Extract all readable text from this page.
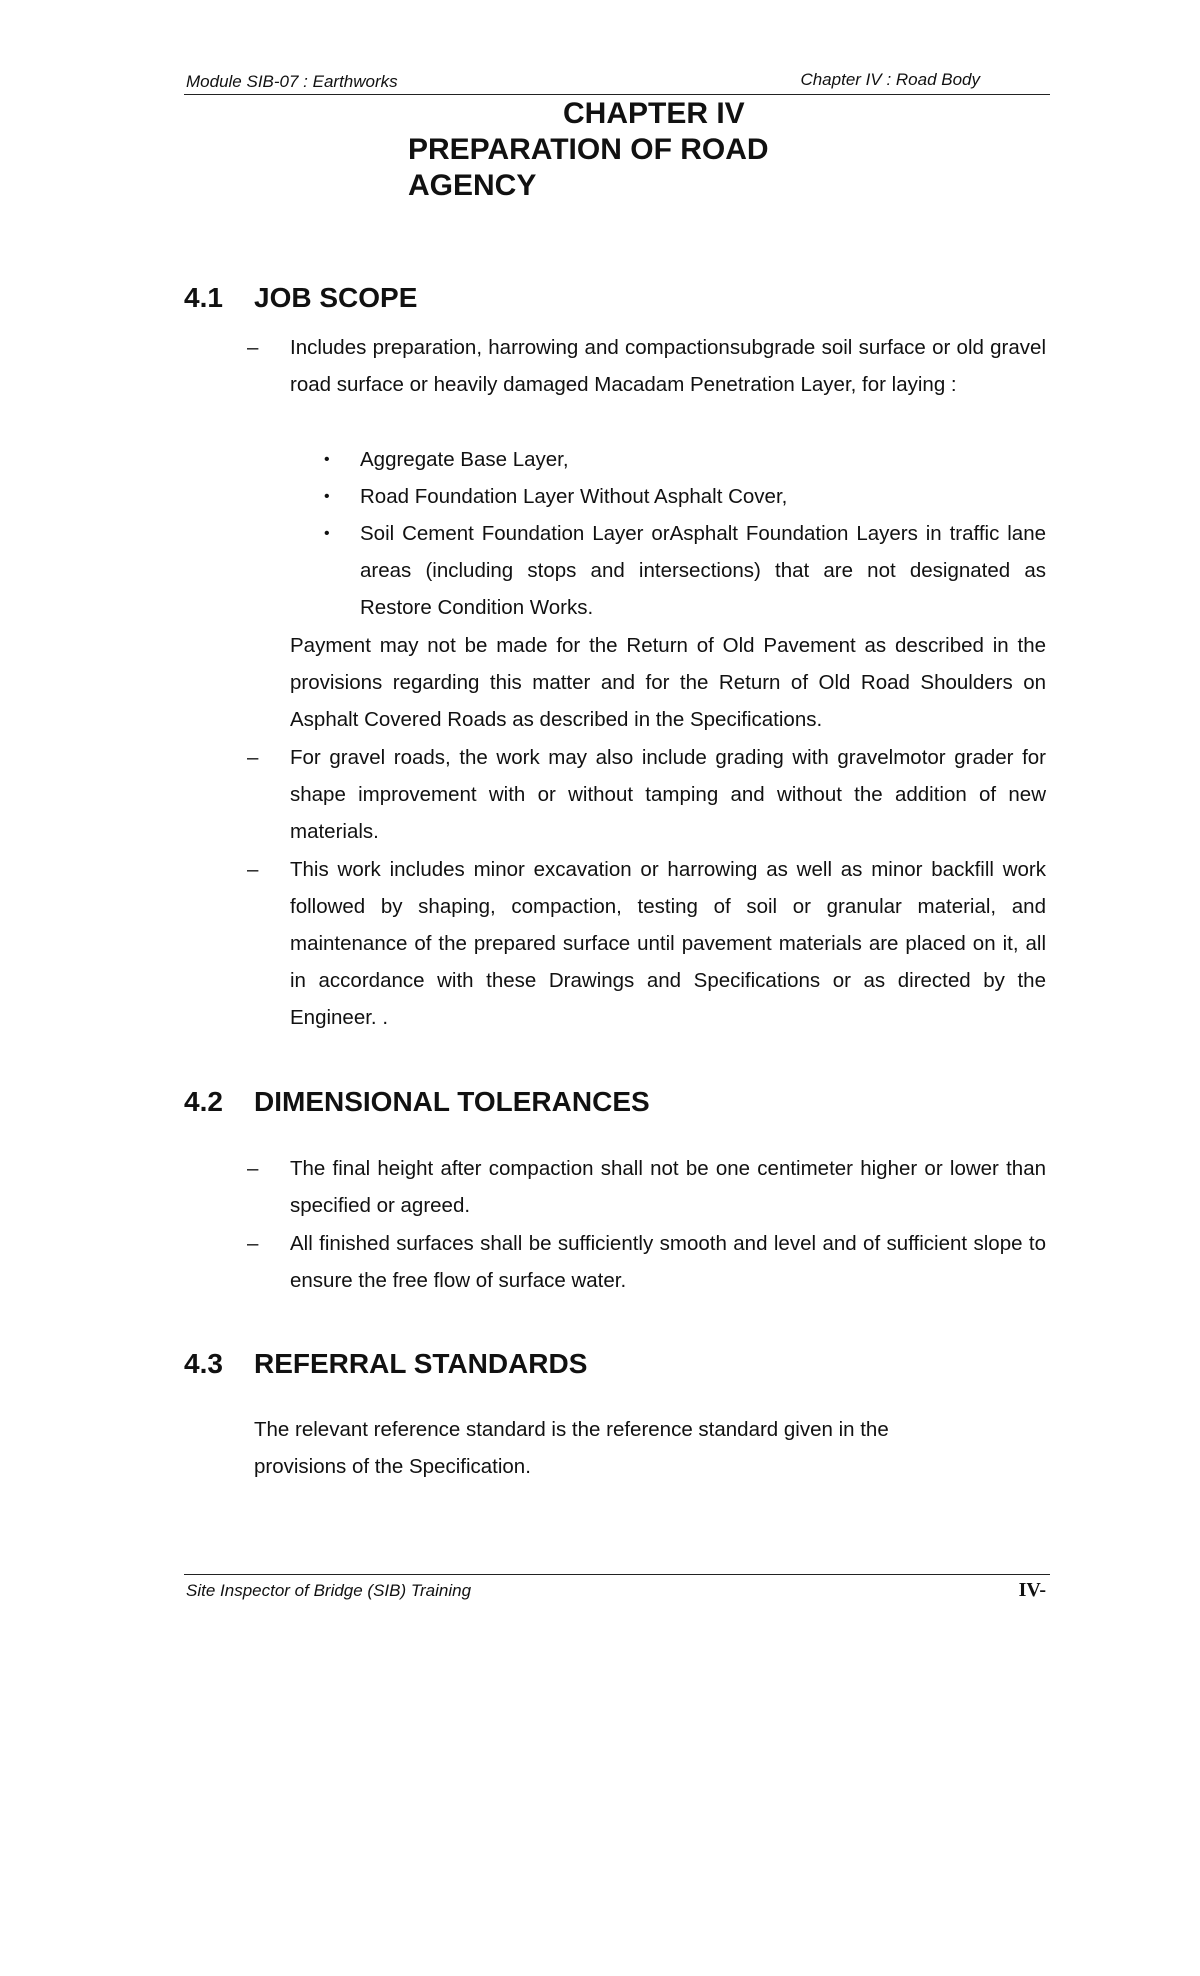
Module SIB-07 : Earthworks	Chapter IV : Road Body
CHAPTER IV
PREPARATION OF ROAD
AGENCY
4.1 JOB SCOPE
– Includes preparation, harrowing and compactionsubgrade soil surface or old gravel road surface or heavily damaged Macadam Penetration Layer, for laying :
• Aggregate Base Layer,
• Road Foundation Layer Without Asphalt Cover,
• Soil Cement Foundation Layer orAsphalt Foundation Layers in traffic lane areas (including stops and intersections) that are not designated as Restore Condition Works.
Payment may not be made for the Return of Old Pavement as described in the provisions regarding this matter and for the Return of Old Road Shoulders on Asphalt Covered Roads as described in the Specifications.
– For gravel roads, the work may also include grading with gravelmotor grader for shape improvement with or without tamping and without the addition of new materials.
– This work includes minor excavation or harrowing as well as minor backfill work followed by shaping, compaction, testing of soil or granular material, and maintenance of the prepared surface until pavement materials are placed on it, all in accordance with these Drawings and Specifications or as directed by the Engineer. .
4.2 DIMENSIONAL TOLERANCES
– The final height after compaction shall not be one centimeter higher or lower than specified or agreed.
– All finished surfaces shall be sufficiently smooth and level and of sufficient slope to ensure the free flow of surface water.
4.3 REFERRAL STANDARDS
The relevant reference standard is the reference standard given in the
provisions of the Specification.
Site Inspector of Bridge (SIB) Training	IV-
